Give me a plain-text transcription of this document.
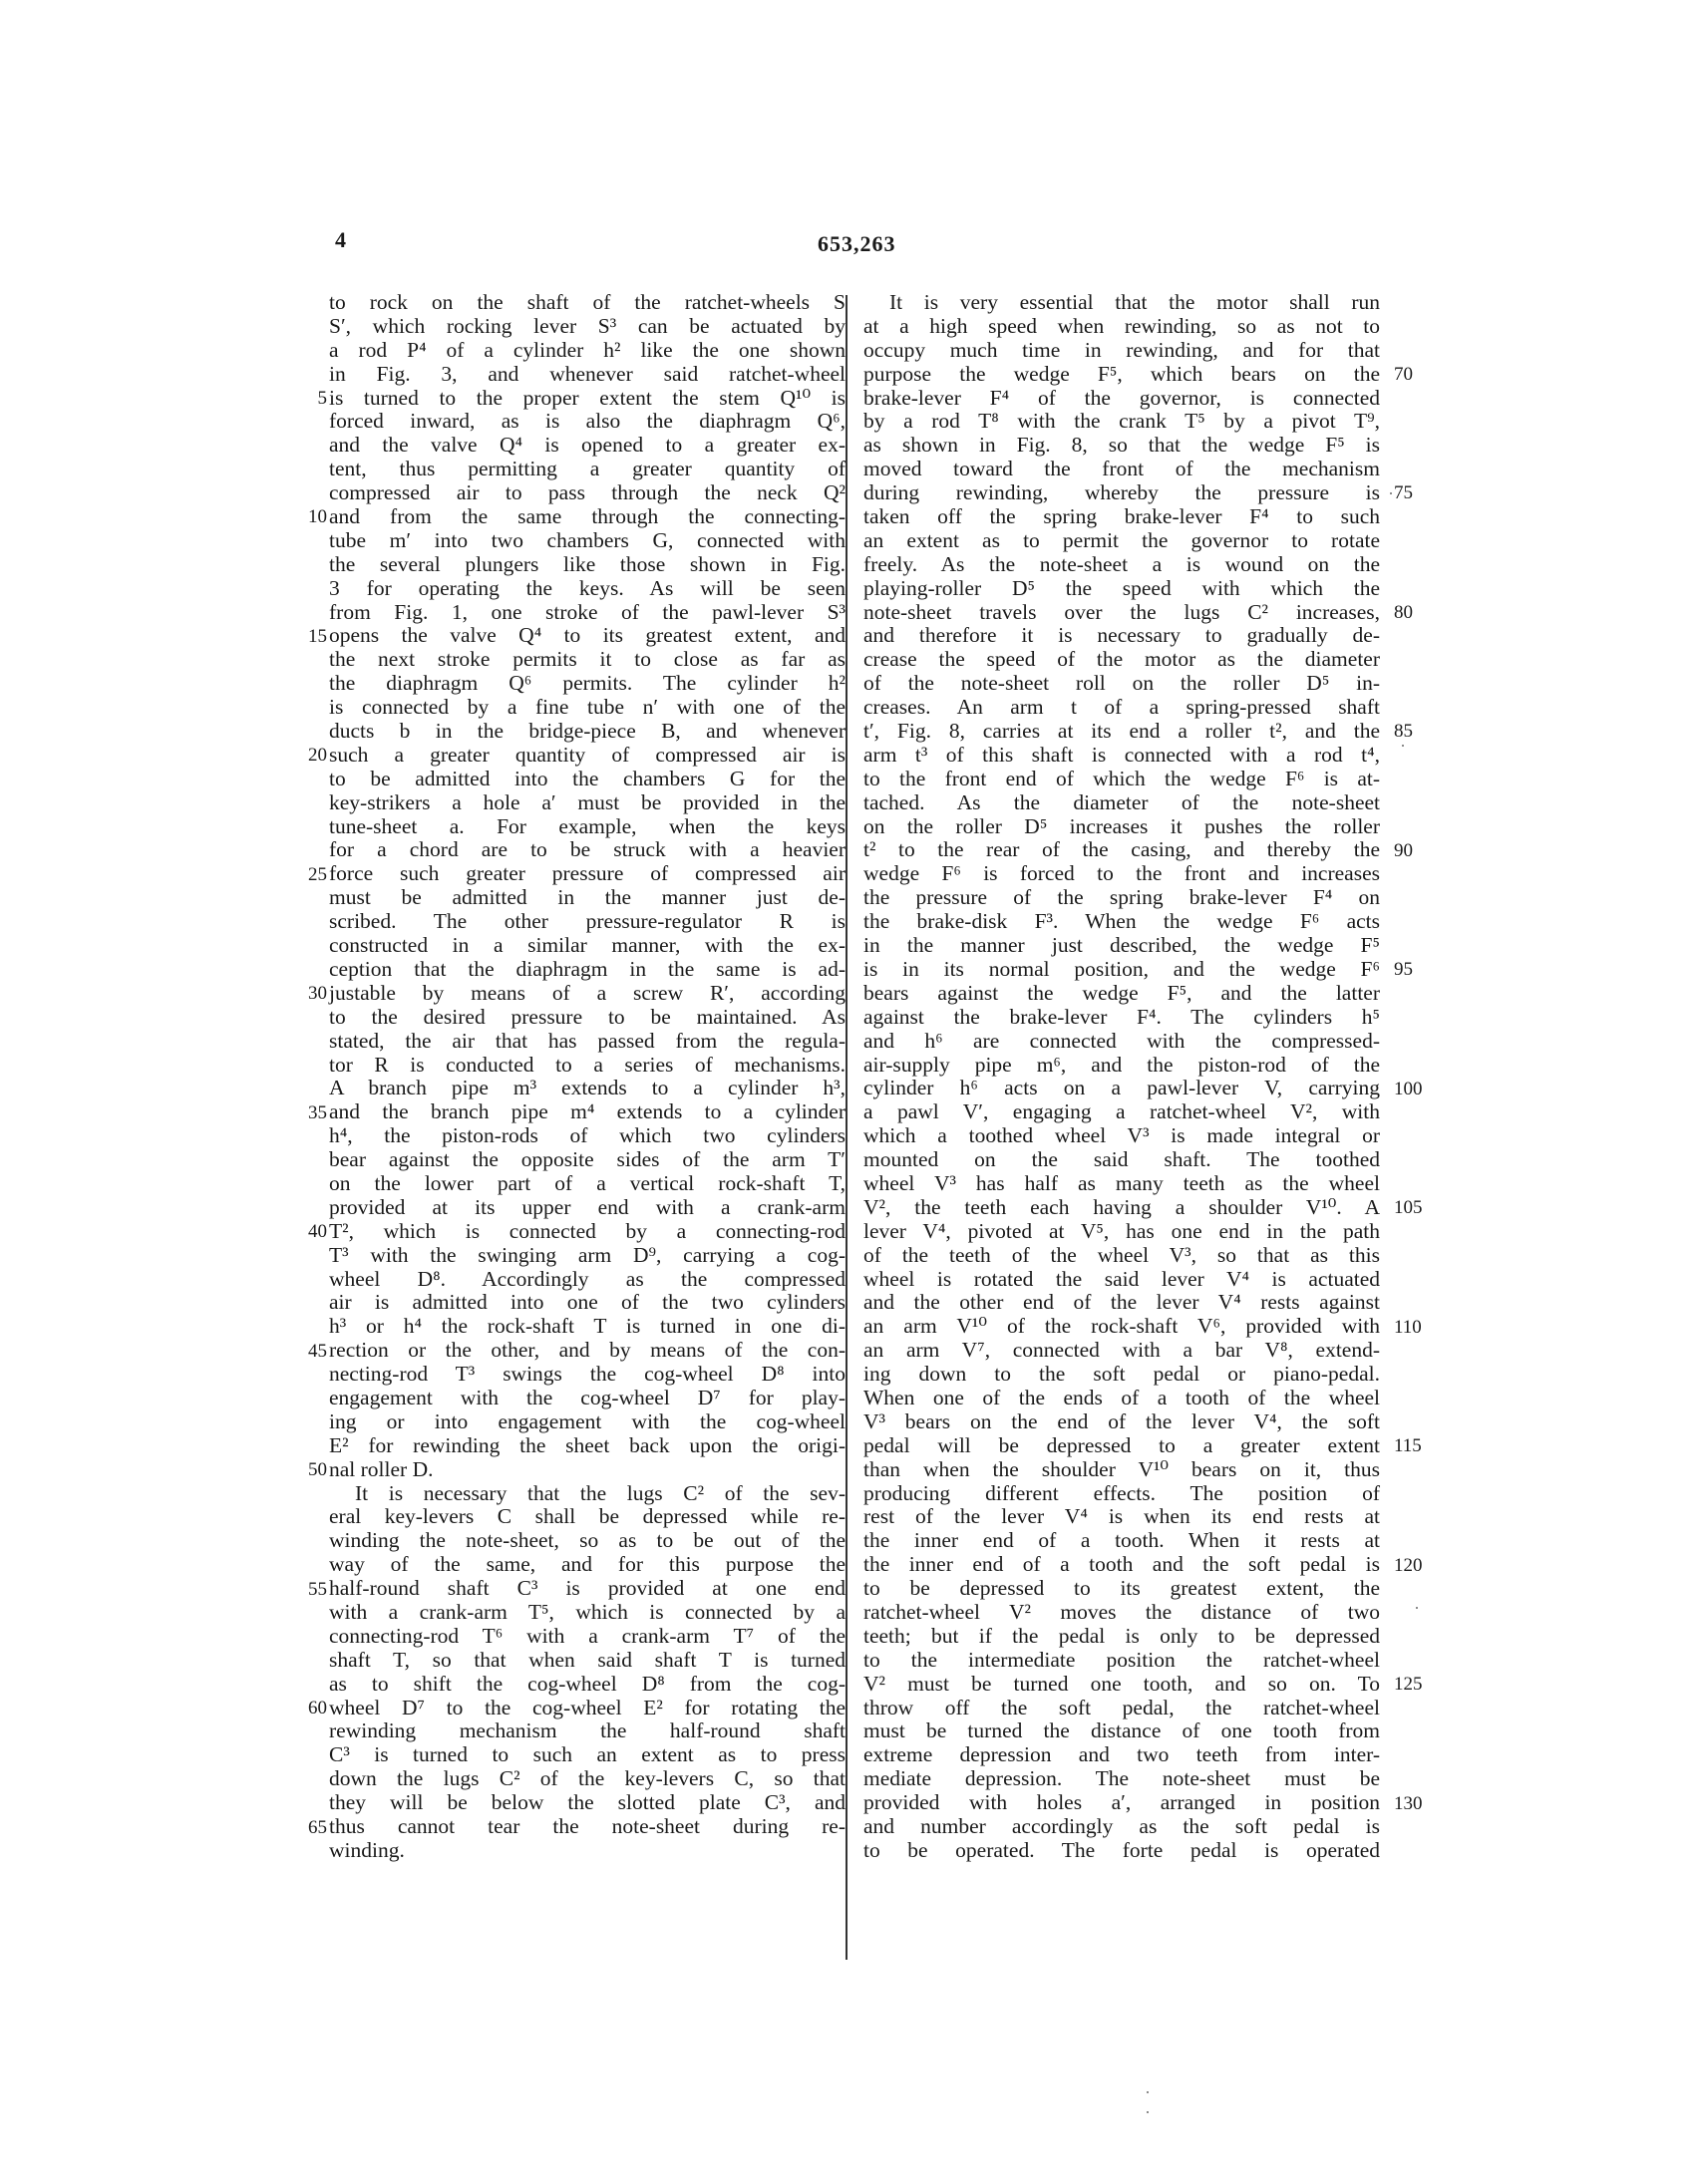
4	653,263
to rock on the shaft of the ratchet-wheels S
S′, which rocking lever S³ can be actuated by
a rod P⁴ of a cylinder h² like the one shown
in Fig. 3, and whenever said ratchet-wheel
is turned to the proper extent the stem Q¹⁰ is
forced inward, as is also the diaphragm Q⁶,
and the valve Q⁴ is opened to a greater ex-
tent, thus permitting a greater quantity of
compressed air to pass through the neck Q²
and from the same through the connecting-
tube m′ into two chambers G, connected with
the several plungers like those shown in Fig.
3 for operating the keys. As will be seen
from Fig. 1, one stroke of the pawl-lever S³
opens the valve Q⁴ to its greatest extent, and
the next stroke permits it to close as far as
the diaphragm Q⁶ permits. The cylinder h²
is connected by a fine tube n′ with one of the
ducts b in the bridge-piece B, and whenever
such a greater quantity of compressed air is
to be admitted into the chambers G for the
key-strikers a hole a′ must be provided in the
tune-sheet a. For example, when the keys
for a chord are to be struck with a heavier
force such greater pressure of compressed air
must be admitted in the manner just de-
scribed. The other pressure-regulator R is
constructed in a similar manner, with the ex-
ception that the diaphragm in the same is ad-
justable by means of a screw R′, according
to the desired pressure to be maintained. As
stated, the air that has passed from the regula-
tor R is conducted to a series of mechanisms.
A branch pipe m³ extends to a cylinder h³,
and the branch pipe m⁴ extends to a cylinder
h⁴, the piston-rods of which two cylinders
bear against the opposite sides of the arm T′
on the lower part of a vertical rock-shaft T,
provided at its upper end with a crank-arm
T², which is connected by a connecting-rod
T³ with the swinging arm D⁹, carrying a cog-
wheel D⁸. Accordingly as the compressed
air is admitted into one of the two cylinders
h³ or h⁴ the rock-shaft T is turned in one di-
rection or the other, and by means of the con-
necting-rod T³ swings the cog-wheel D⁸ into
engagement with the cog-wheel D⁷ for play-
ing or into engagement with the cog-wheel
E² for rewinding the sheet back upon the origi-
nal roller D.
It is necessary that the lugs C² of the sev-
eral key-levers C shall be depressed while re-
winding the note-sheet, so as to be out of the
way of the same, and for this purpose the
half-round shaft C³ is provided at one end
with a crank-arm T⁵, which is connected by a
connecting-rod T⁶ with a crank-arm T⁷ of the
shaft T, so that when said shaft T is turned
as to shift the cog-wheel D⁸ from the cog-
wheel D⁷ to the cog-wheel E² for rotating the
rewinding mechanism the half-round shaft
C³ is turned to such an extent as to press
down the lugs C² of the key-levers C, so that
they will be below the slotted plate C³, and
thus cannot tear the note-sheet during re-
winding.
It is very essential that the motor shall run
at a high speed when rewinding, so as not to
occupy much time in rewinding, and for that
purpose the wedge F⁵, which bears on the
brake-lever F⁴ of the governor, is connected
by a rod T⁸ with the crank T⁵ by a pivot T⁹,
as shown in Fig. 8, so that the wedge F⁵ is
moved toward the front of the mechanism
during rewinding, whereby the pressure is
taken off the spring brake-lever F⁴ to such
an extent as to permit the governor to rotate
freely. As the note-sheet a is wound on the
playing-roller D⁵ the speed with which the
note-sheet travels over the lugs C² increases,
and therefore it is necessary to gradually de-
crease the speed of the motor as the diameter
of the note-sheet roll on the roller D⁵ in-
creases. An arm t of a spring-pressed shaft
t′, Fig. 8, carries at its end a roller t², and the
arm t³ of this shaft is connected with a rod t⁴,
to the front end of which the wedge F⁶ is at-
tached. As the diameter of the note-sheet
on the roller D⁵ increases it pushes the roller
t² to the rear of the casing, and thereby the
wedge F⁶ is forced to the front and increases
the pressure of the spring brake-lever F⁴ on
the brake-disk F³. When the wedge F⁶ acts
in the manner just described, the wedge F⁵
is in its normal position, and the wedge F⁶
bears against the wedge F⁵, and the latter
against the brake-lever F⁴. The cylinders h⁵
and h⁶ are connected with the compressed-
air-supply pipe m⁶, and the piston-rod of the
cylinder h⁶ acts on a pawl-lever V, carrying
a pawl V′, engaging a ratchet-wheel V², with
which a toothed wheel V³ is made integral or
mounted on the said shaft. The toothed
wheel V³ has half as many teeth as the wheel
V², the teeth each having a shoulder V¹⁰. A
lever V⁴, pivoted at V⁵, has one end in the path
of the teeth of the wheel V³, so that as this
wheel is rotated the said lever V⁴ is actuated
and the other end of the lever V⁴ rests against
an arm V¹⁰ of the rock-shaft V⁶, provided with
an arm V⁷, connected with a bar V⁸, extend-
ing down to the soft pedal or piano-pedal.
When one of the ends of a tooth of the wheel
V³ bears on the end of the lever V⁴, the soft
pedal will be depressed to a greater extent
than when the shoulder V¹⁰ bears on it, thus
producing different effects. The position of
rest of the lever V⁴ is when its end rests at
the inner end of a tooth. When it rests at
the inner end of a tooth and the soft pedal is
to be depressed to its greatest extent, the
ratchet-wheel V² moves the distance of two
teeth; but if the pedal is only to be depressed
to the intermediate position the ratchet-wheel
V² must be turned one tooth, and so on. To
throw off the soft pedal, the ratchet-wheel
must be turned the distance of one tooth from
extreme depression and two teeth from inter-
mediate depression. The note-sheet must be
provided with holes a′, arranged in position
and number accordingly as the soft pedal is
to be operated. The forte pedal is operated
5
10
15
20
25
30
35
40
45
50
55
60
65
70
75
80
85
90
95
100
105
110
115
120
125
130
